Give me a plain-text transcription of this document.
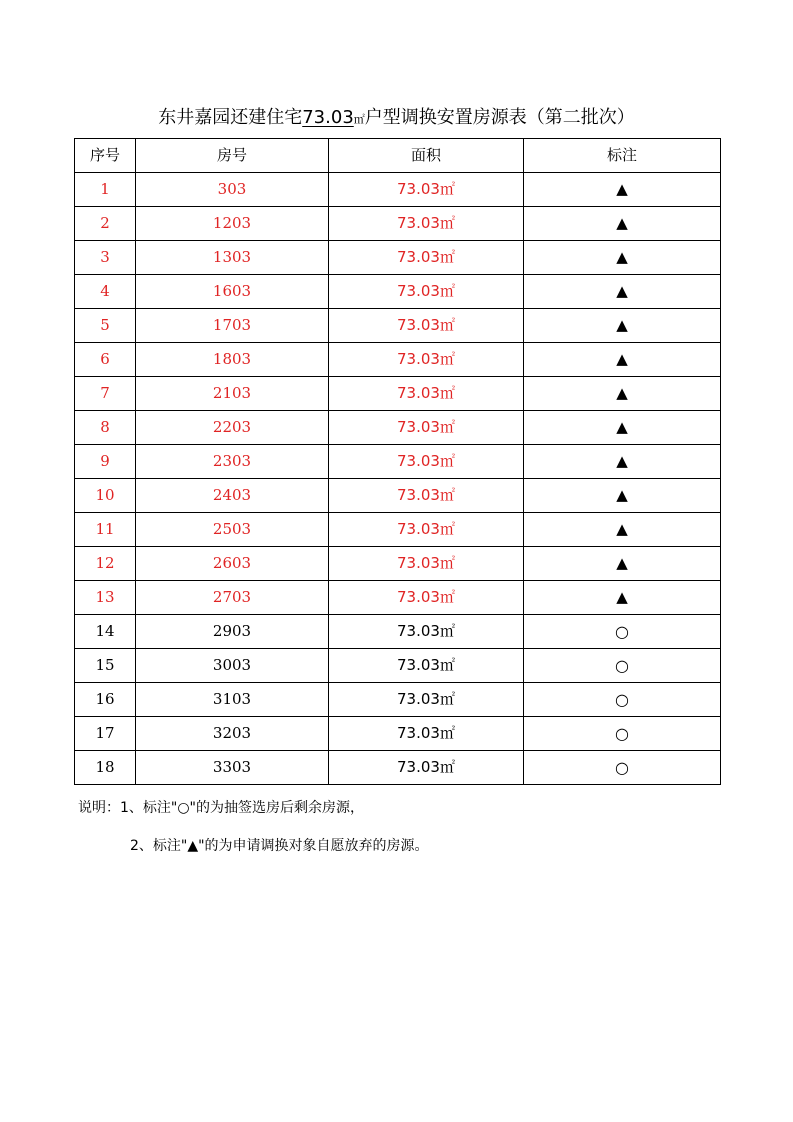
东井嘉园还建住宅73.03㎡户型调换安置房源表（第二批次）
序号	房号	面积	标注
1	303	73.03㎡	▲
2	1203	73.03㎡	▲
3	1303	73.03㎡	▲
4	1603	73.03㎡	▲
5	1703	73.03㎡	▲
6	1803	73.03㎡	▲
7	2103	73.03㎡	▲
8	2203	73.03㎡	▲
9	2303	73.03㎡	▲
10	2403	73.03㎡	▲
11	2503	73.03㎡	▲
12	2603	73.03㎡	▲
13	2703	73.03㎡	▲
14	2903	73.03㎡	○
15	3003	73.03㎡	○
16	3103	73.03㎡	○
17	3203	73.03㎡	○
18	3303	73.03㎡	○
说明：1、标注"○"的为抽签选房后剩余房源，
2、标注"▲"的为申请调换对象自愿放弃的房源。
